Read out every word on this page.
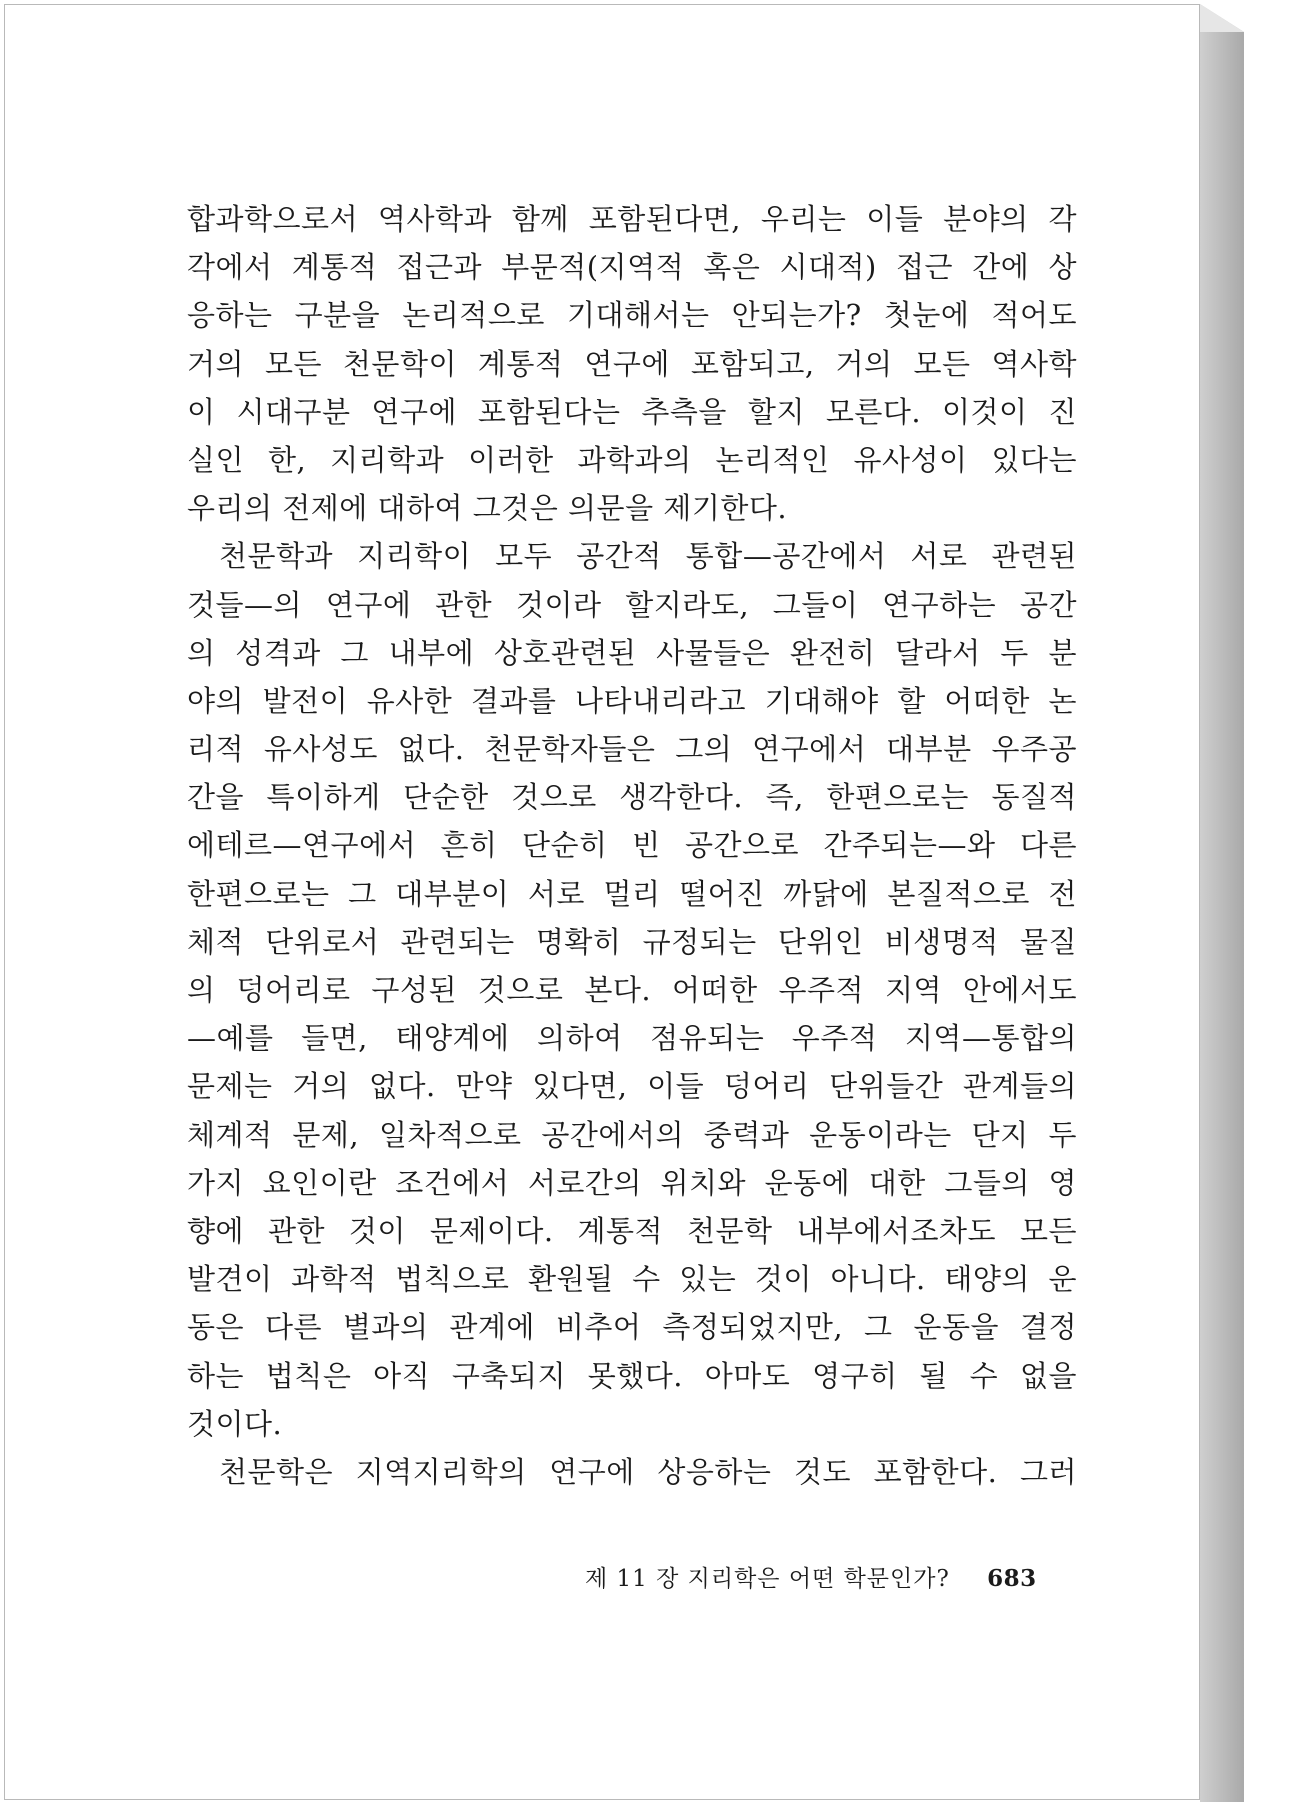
합과학으로서 역사학과 함께 포함된다면, 우리는 이들 분야의 각
각에서 계통적 접근과 부문적(지역적 혹은 시대적) 접근 간에 상
응하는 구분을 논리적으로 기대해서는 안되는가? 첫눈에 적어도
거의 모든 천문학이 계통적 연구에 포함되고, 거의 모든 역사학
이 시대구분 연구에 포함된다는 추측을 할지 모른다. 이것이 진
실인 한, 지리학과 이러한 과학과의 논리적인 유사성이 있다는
우리의 전제에 대하여 그것은 의문을 제기한다.
천문학과 지리학이 모두 공간적 통합—공간에서 서로 관련된
것들—의 연구에 관한 것이라 할지라도, 그들이 연구하는 공간
의 성격과 그 내부에 상호관련된 사물들은 완전히 달라서 두 분
야의 발전이 유사한 결과를 나타내리라고 기대해야 할 어떠한 논
리적 유사성도 없다. 천문학자들은 그의 연구에서 대부분 우주공
간을 특이하게 단순한 것으로 생각한다. 즉, 한편으로는 동질적
에테르—연구에서 흔히 단순히 빈 공간으로 간주되는—와 다른
한편으로는 그 대부분이 서로 멀리 떨어진 까닭에 본질적으로 전
체적 단위로서 관련되는 명확히 규정되는 단위인 비생명적 물질
의 덩어리로 구성된 것으로 본다. 어떠한 우주적 지역 안에서도
—예를 들면, 태양계에 의하여 점유되는 우주적 지역—통합의
문제는 거의 없다. 만약 있다면, 이들 덩어리 단위들간 관계들의
체계적 문제, 일차적으로 공간에서의 중력과 운동이라는 단지 두
가지 요인이란 조건에서 서로간의 위치와 운동에 대한 그들의 영
향에 관한 것이 문제이다. 계통적 천문학 내부에서조차도 모든
발견이 과학적 법칙으로 환원될 수 있는 것이 아니다. 태양의 운
동은 다른 별과의 관계에 비추어 측정되었지만, 그 운동을 결정
하는 법칙은 아직 구축되지 못했다. 아마도 영구히 될 수 없을
것이다.
천문학은 지역지리학의 연구에 상응하는 것도 포함한다. 그러
제 11 장 지리학은 어떤 학문인가? 683
